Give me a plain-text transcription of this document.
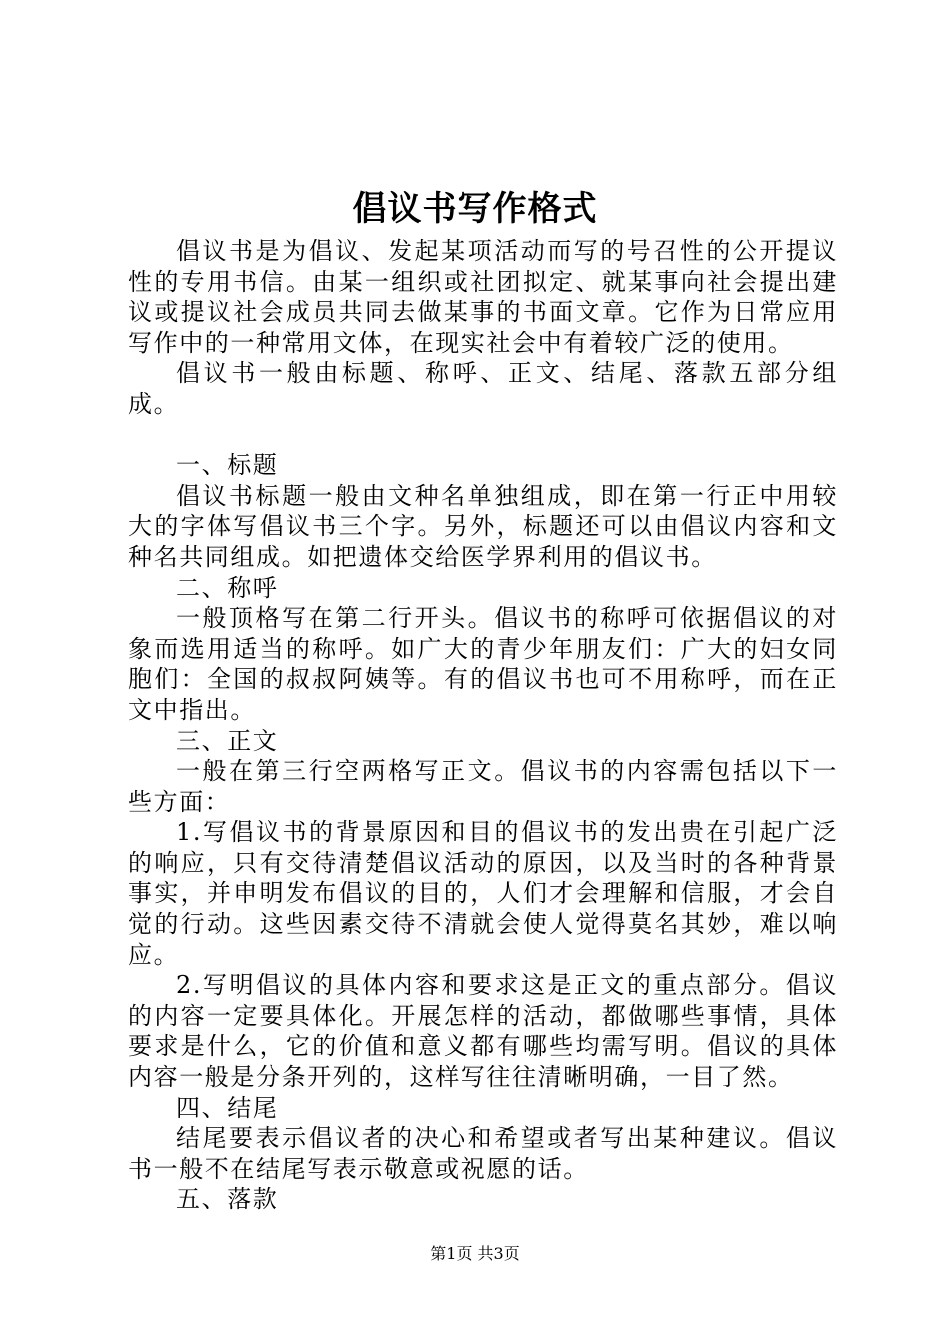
倡议书写作格式

倡议书是为倡议、发起某项活动而写的号召性的公开提议性的专用书信。由某一组织或社团拟定、就某事向社会提出建议或提议社会成员共同去做某事的书面文章。它作为日常应用写作中的一种常用文体，在现实社会中有着较广泛的使用。

倡议书一般由标题、称呼、正文、结尾、落款五部分组成。

一、标题

倡议书标题一般由文种名单独组成，即在第一行正中用较大的字体写倡议书三个字。另外，标题还可以由倡议内容和文种名共同组成。如把遗体交给医学界利用的倡议书。

二、称呼

一般顶格写在第二行开头。倡议书的称呼可依据倡议的对象而选用适当的称呼。如广大的青少年朋友们：广大的妇女同胞们：全国的叔叔阿姨等。有的倡议书也可不用称呼，而在正文中指出。

三、正文

一般在第三行空两格写正文。倡议书的内容需包括以下一些方面：

1.写倡议书的背景原因和目的倡议书的发出贵在引起广泛的响应，只有交待清楚倡议活动的原因，以及当时的各种背景事实，并申明发布倡议的目的，人们才会理解和信服，才会自觉的行动。这些因素交待不清就会使人觉得莫名其妙，难以响应。

2.写明倡议的具体内容和要求这是正文的重点部分。倡议的内容一定要具体化。开展怎样的活动，都做哪些事情，具体要求是什么，它的价值和意义都有哪些均需写明。倡议的具体内容一般是分条开列的，这样写往往清晰明确，一目了然。

四、结尾

结尾要表示倡议者的决心和希望或者写出某种建议。倡议书一般不在结尾写表示敬意或祝愿的话。

五、落款

第1页 共3页
